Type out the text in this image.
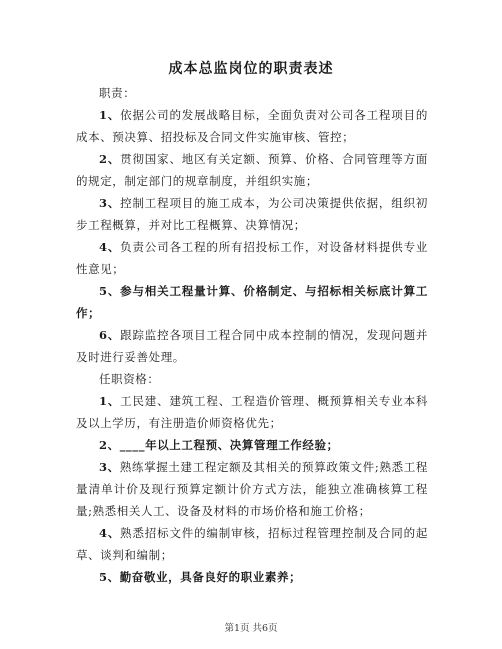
成本总监岗位的职责表述

职责：

1、依据公司的发展战略目标，全面负责对公司各工程项目的成本、预决算、招投标及合同文件实施审核、管控；

2、贯彻国家、地区有关定额、预算、价格、合同管理等方面的规定，制定部门的规章制度，并组织实施；

3、控制工程项目的施工成本，为公司决策提供依据，组织初步工程概算，并对比工程概算、决算情况；

4、负责公司各工程的所有招投标工作，对设备材料提供专业性意见；

5、参与相关工程量计算、价格制定、与招标相关标底计算工作；

6、跟踪监控各项目工程合同中成本控制的情况，发现问题并及时进行妥善处理。

任职资格：

1、工民建、建筑工程、工程造价管理、概预算相关专业本科及以上学历，有注册造价师资格优先；

2、____年以上工程预、决算管理工作经验；

3、熟练掌握土建工程定额及其相关的预算政策文件;熟悉工程量清单计价及现行预算定额计价方式方法，能独立准确核算工程量;熟悉相关人工、设备及材料的市场价格和施工价格；

4、熟悉招标文件的编制审核，招标过程管理控制及合同的起草、谈判和编制；

5、勤奋敬业，具备良好的职业素养；

第1页 共6页
